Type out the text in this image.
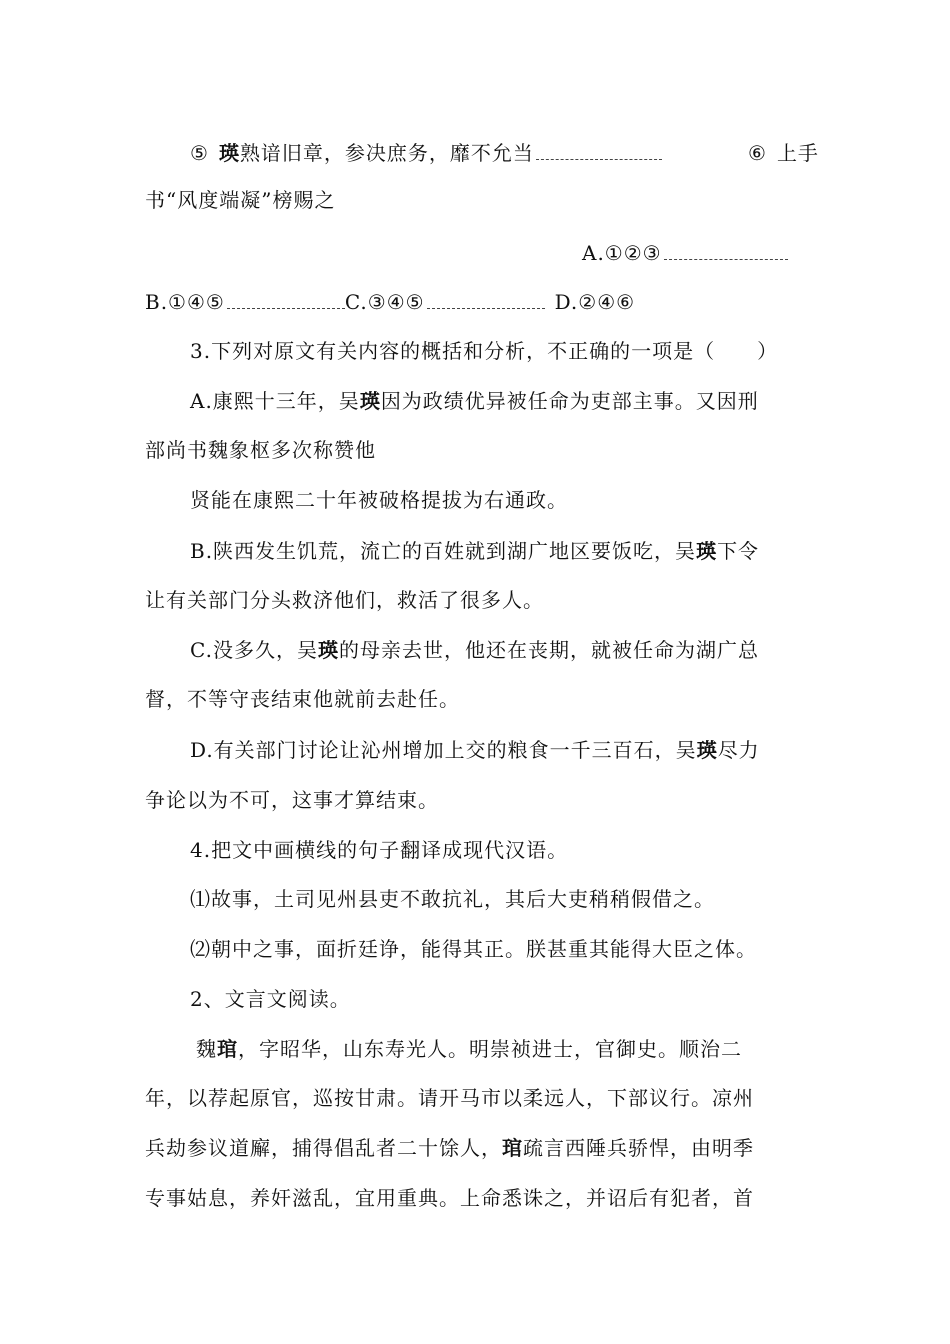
⑤ 瑛熟谙旧章，参决庶务，靡不允当	⑥ 上手
书“风度端凝”榜赐之
A.①②③
B.①④⑤	C.③④⑤	D.②④⑥
3.下列对原文有关内容的概括和分析，不正确的一项是（　　）
A.康熙十三年，吴瑛因为政绩优异被任命为吏部主事。又因刑
部尚书魏象枢多次称赞他
贤能在康熙二十年被破格提拔为右通政。
B.陕西发生饥荒，流亡的百姓就到湖广地区要饭吃，吴瑛下令
让有关部门分头救济他们，救活了很多人。
C.没多久，吴瑛的母亲去世，他还在丧期，就被任命为湖广总
督，不等守丧结束他就前去赴任。
D.有关部门讨论让沁州增加上交的粮食一千三百石，吴瑛尽力
争论以为不可，这事才算结束。
4.把文中画横线的句子翻译成现代汉语。
⑴故事，土司见州县吏不敢抗礼，其后大吏稍稍假借之。
⑵朝中之事，面折廷诤，能得其正。朕甚重其能得大臣之体。
2、文言文阅读。
魏琯，字昭华，山东寿光人。明崇祯进士，官御史。顺治二
年，以荐起原官，巡按甘肃。请开马市以柔远人，下部议行。凉州
兵劫参议道廨，捕得倡乱者二十馀人，琯疏言西陲兵骄悍，由明季
专事姑息，养奸滋乱，宜用重典。上命悉诛之，并诏后有犯者，首
